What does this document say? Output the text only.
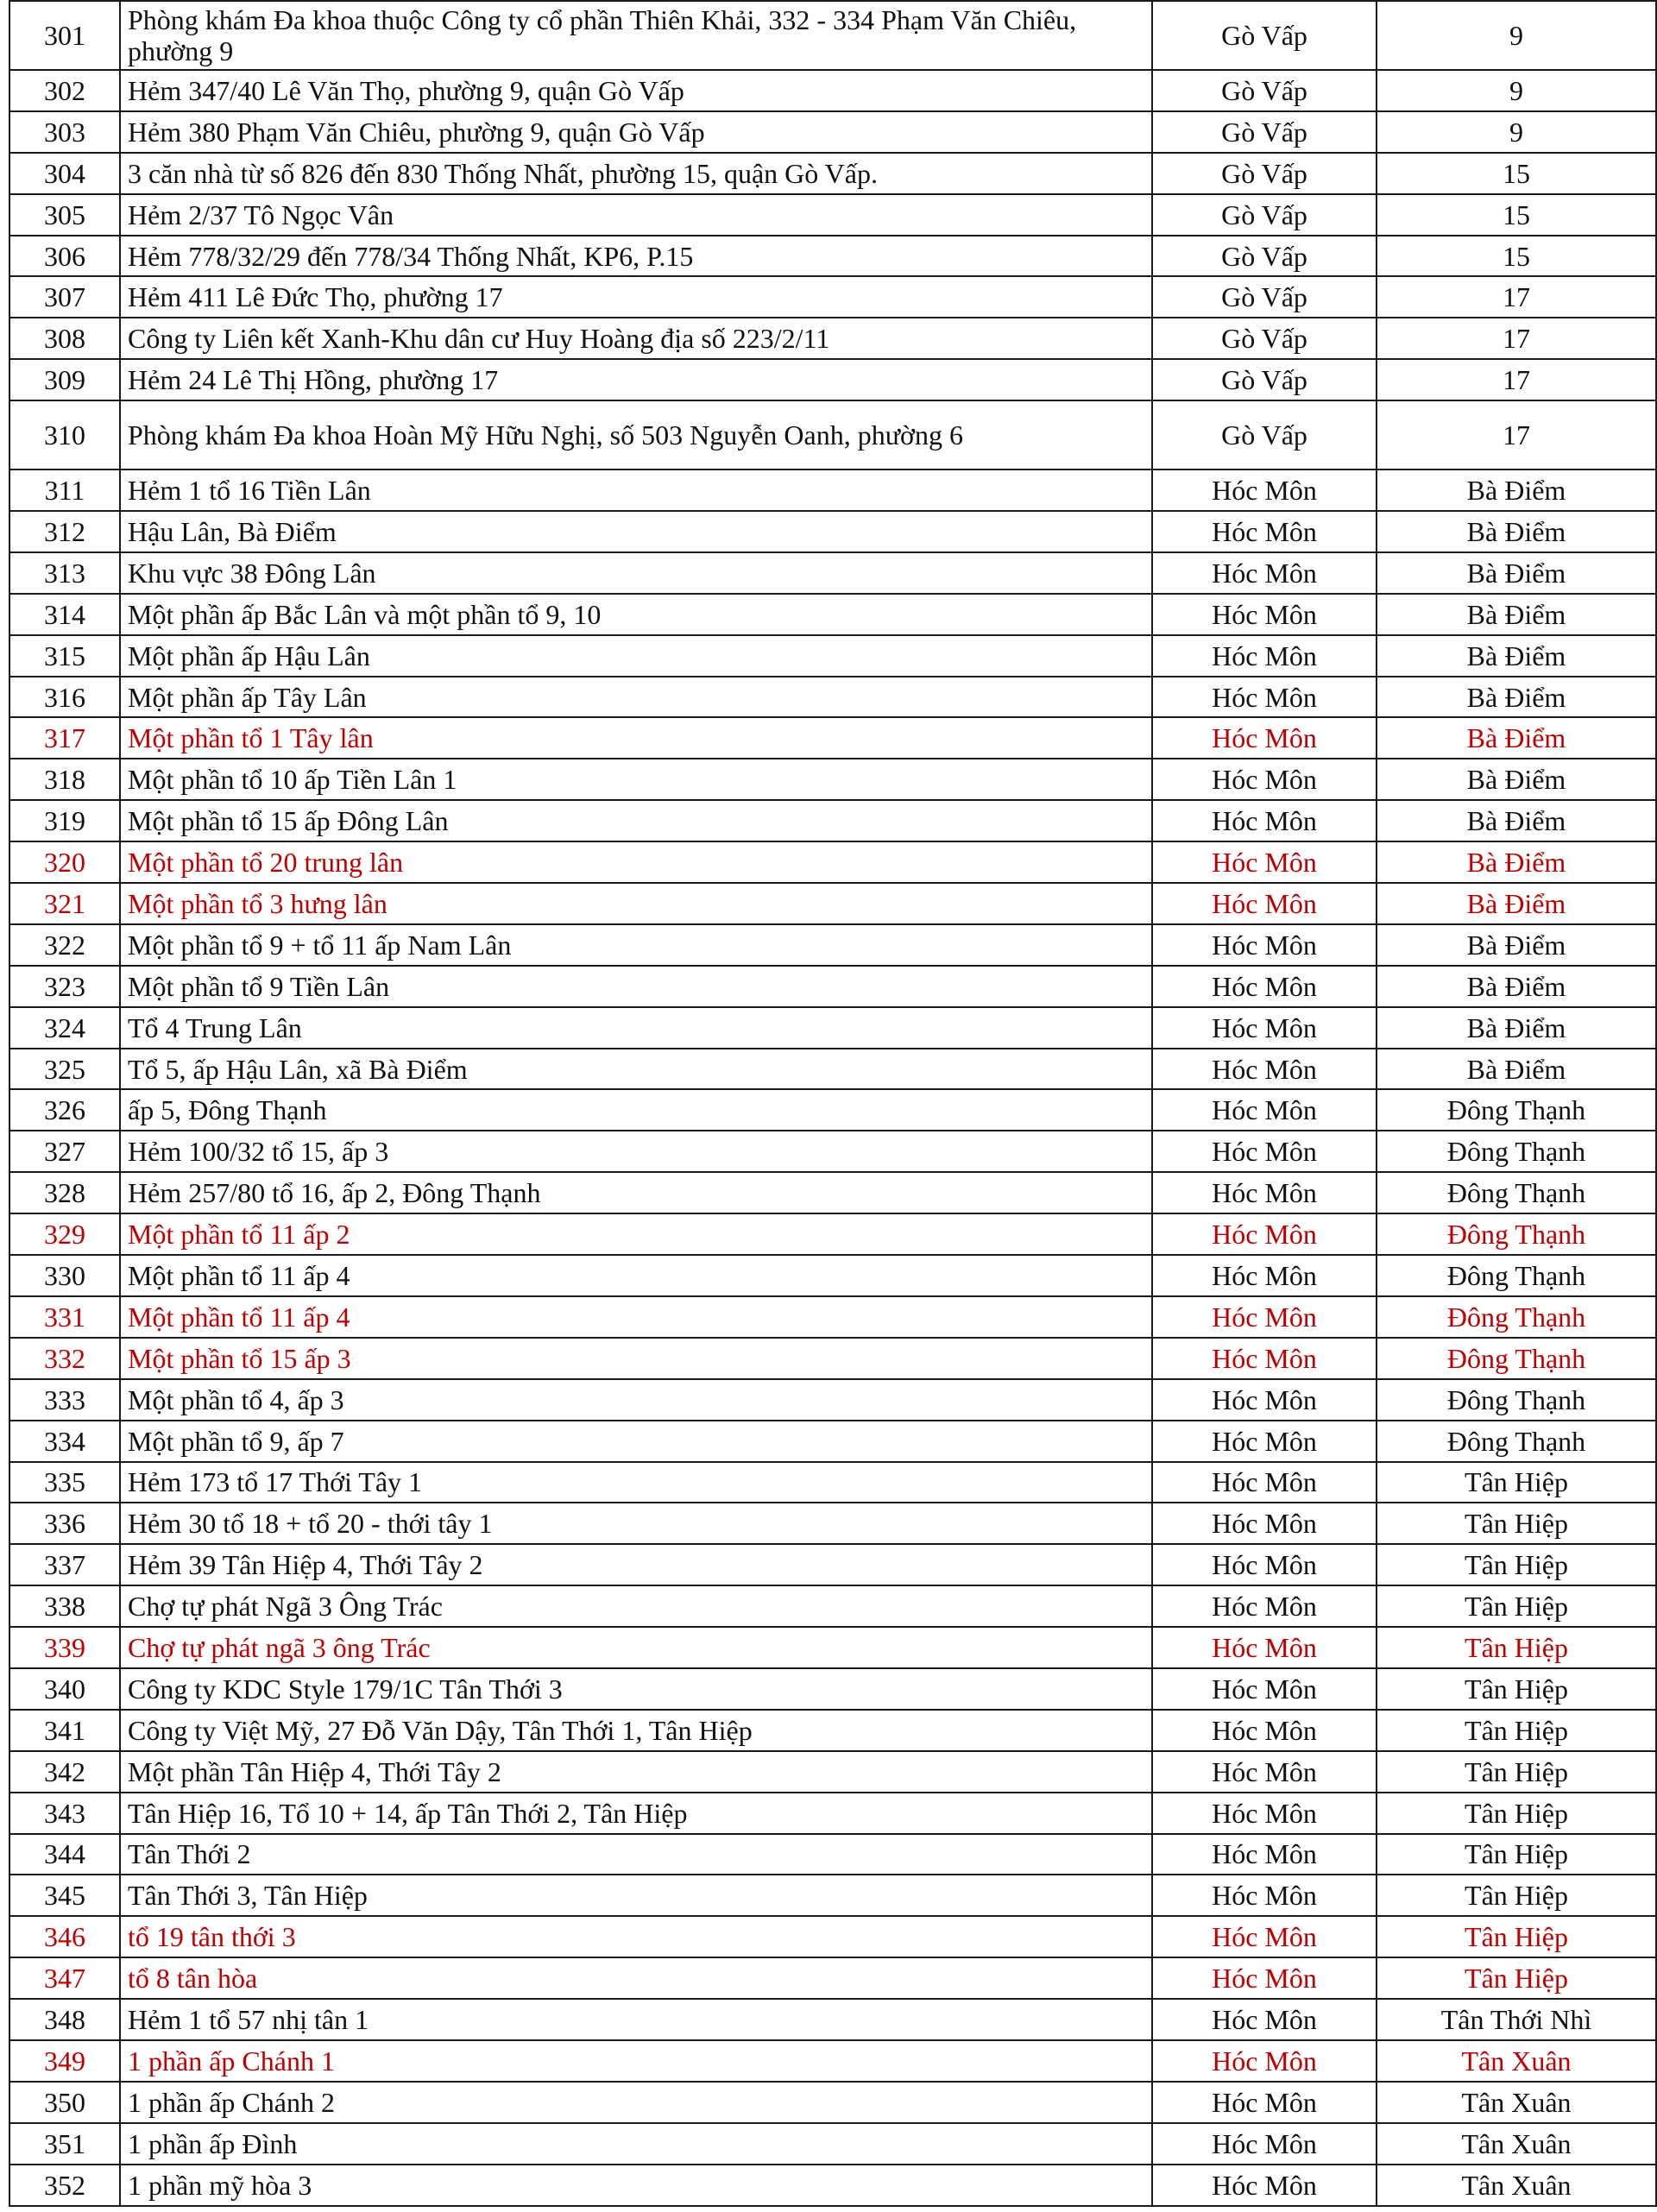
301	Phòng khám Đa khoa thuộc Công ty cổ phần Thiên Khải, 332 - 334 Phạm Văn Chiêu, phường 9	Gò Vấp	9
302	Hẻm 347/40 Lê Văn Thọ, phường 9, quận Gò Vấp	Gò Vấp	9
303	Hẻm 380 Phạm Văn Chiêu, phường 9, quận Gò Vấp	Gò Vấp	9
304	3 căn nhà từ số 826 đến 830 Thống Nhất, phường 15, quận Gò Vấp.	Gò Vấp	15
305	Hẻm 2/37 Tô Ngọc Vân	Gò Vấp	15
306	Hẻm 778/32/29 đến 778/34 Thống Nhất, KP6, P.15	Gò Vấp	15
307	Hẻm 411 Lê Đức Thọ, phường 17	Gò Vấp	17
308	Công ty Liên kết Xanh-Khu dân cư Huy Hoàng địa số 223/2/11	Gò Vấp	17
309	Hẻm 24 Lê Thị Hồng, phường 17	Gò Vấp	17
310	Phòng khám Đa khoa Hoàn Mỹ Hữu Nghị, số 503 Nguyễn Oanh, phường 6	Gò Vấp	17
311	Hẻm 1 tổ 16 Tiền Lân	Hóc Môn	Bà Điểm
312	Hậu Lân, Bà Điểm	Hóc Môn	Bà Điểm
313	Khu vực 38 Đông Lân	Hóc Môn	Bà Điểm
314	Một phần ấp Bắc Lân và một phần tổ 9, 10	Hóc Môn	Bà Điểm
315	Một phần ấp Hậu Lân	Hóc Môn	Bà Điểm
316	Một phần ấp Tây Lân	Hóc Môn	Bà Điểm
317	Một phần tổ 1 Tây lân	Hóc Môn	Bà Điểm
318	Một phần tổ 10 ấp Tiền Lân 1	Hóc Môn	Bà Điểm
319	Một phần tổ 15 ấp Đông Lân	Hóc Môn	Bà Điểm
320	Một phần tổ 20 trung lân	Hóc Môn	Bà Điểm
321	Một phần tổ 3 hưng lân	Hóc Môn	Bà Điểm
322	Một phần tổ 9 + tổ 11 ấp Nam Lân	Hóc Môn	Bà Điểm
323	Một phần tổ 9 Tiền Lân	Hóc Môn	Bà Điểm
324	Tổ 4 Trung Lân	Hóc Môn	Bà Điểm
325	Tổ 5, ấp Hậu Lân, xã Bà Điểm	Hóc Môn	Bà Điểm
326	ấp 5, Đông Thạnh	Hóc Môn	Đông Thạnh
327	Hẻm 100/32 tổ 15, ấp 3	Hóc Môn	Đông Thạnh
328	Hẻm 257/80 tổ 16, ấp 2, Đông Thạnh	Hóc Môn	Đông Thạnh
329	Một phần tổ 11 ấp 2	Hóc Môn	Đông Thạnh
330	Một phần tổ 11 ấp 4	Hóc Môn	Đông Thạnh
331	Một phần tổ 11 ấp 4	Hóc Môn	Đông Thạnh
332	Một phần tổ 15 ấp 3	Hóc Môn	Đông Thạnh
333	Một phần tổ 4, ấp 3	Hóc Môn	Đông Thạnh
334	Một phần tổ 9, ấp 7	Hóc Môn	Đông Thạnh
335	Hẻm 173 tổ 17 Thới Tây 1	Hóc Môn	Tân Hiệp
336	Hẻm 30 tổ 18 + tổ 20 - thới tây 1	Hóc Môn	Tân Hiệp
337	Hẻm 39 Tân Hiệp 4, Thới Tây 2	Hóc Môn	Tân Hiệp
338	Chợ tự phát Ngã 3 Ông Trác	Hóc Môn	Tân Hiệp
339	Chợ tự phát ngã 3 ông Trác	Hóc Môn	Tân Hiệp
340	Công ty KDC Style 179/1C Tân Thới 3	Hóc Môn	Tân Hiệp
341	Công ty Việt Mỹ, 27 Đỗ Văn Dậy, Tân Thới 1, Tân Hiệp	Hóc Môn	Tân Hiệp
342	Một phần Tân Hiệp 4, Thới Tây 2	Hóc Môn	Tân Hiệp
343	Tân Hiệp 16, Tổ 10 + 14, ấp Tân Thới 2, Tân Hiệp	Hóc Môn	Tân Hiệp
344	Tân Thới 2	Hóc Môn	Tân Hiệp
345	Tân Thới 3, Tân Hiệp	Hóc Môn	Tân Hiệp
346	tổ 19 tân thới 3	Hóc Môn	Tân Hiệp
347	tổ 8 tân hòa	Hóc Môn	Tân Hiệp
348	Hẻm 1 tổ 57 nhị tân 1	Hóc Môn	Tân Thới Nhì
349	1 phần ấp Chánh 1	Hóc Môn	Tân Xuân
350	1 phần ấp Chánh 2	Hóc Môn	Tân Xuân
351	1 phần ấp Đình	Hóc Môn	Tân Xuân
352	1 phần mỹ hòa 3	Hóc Môn	Tân Xuân
